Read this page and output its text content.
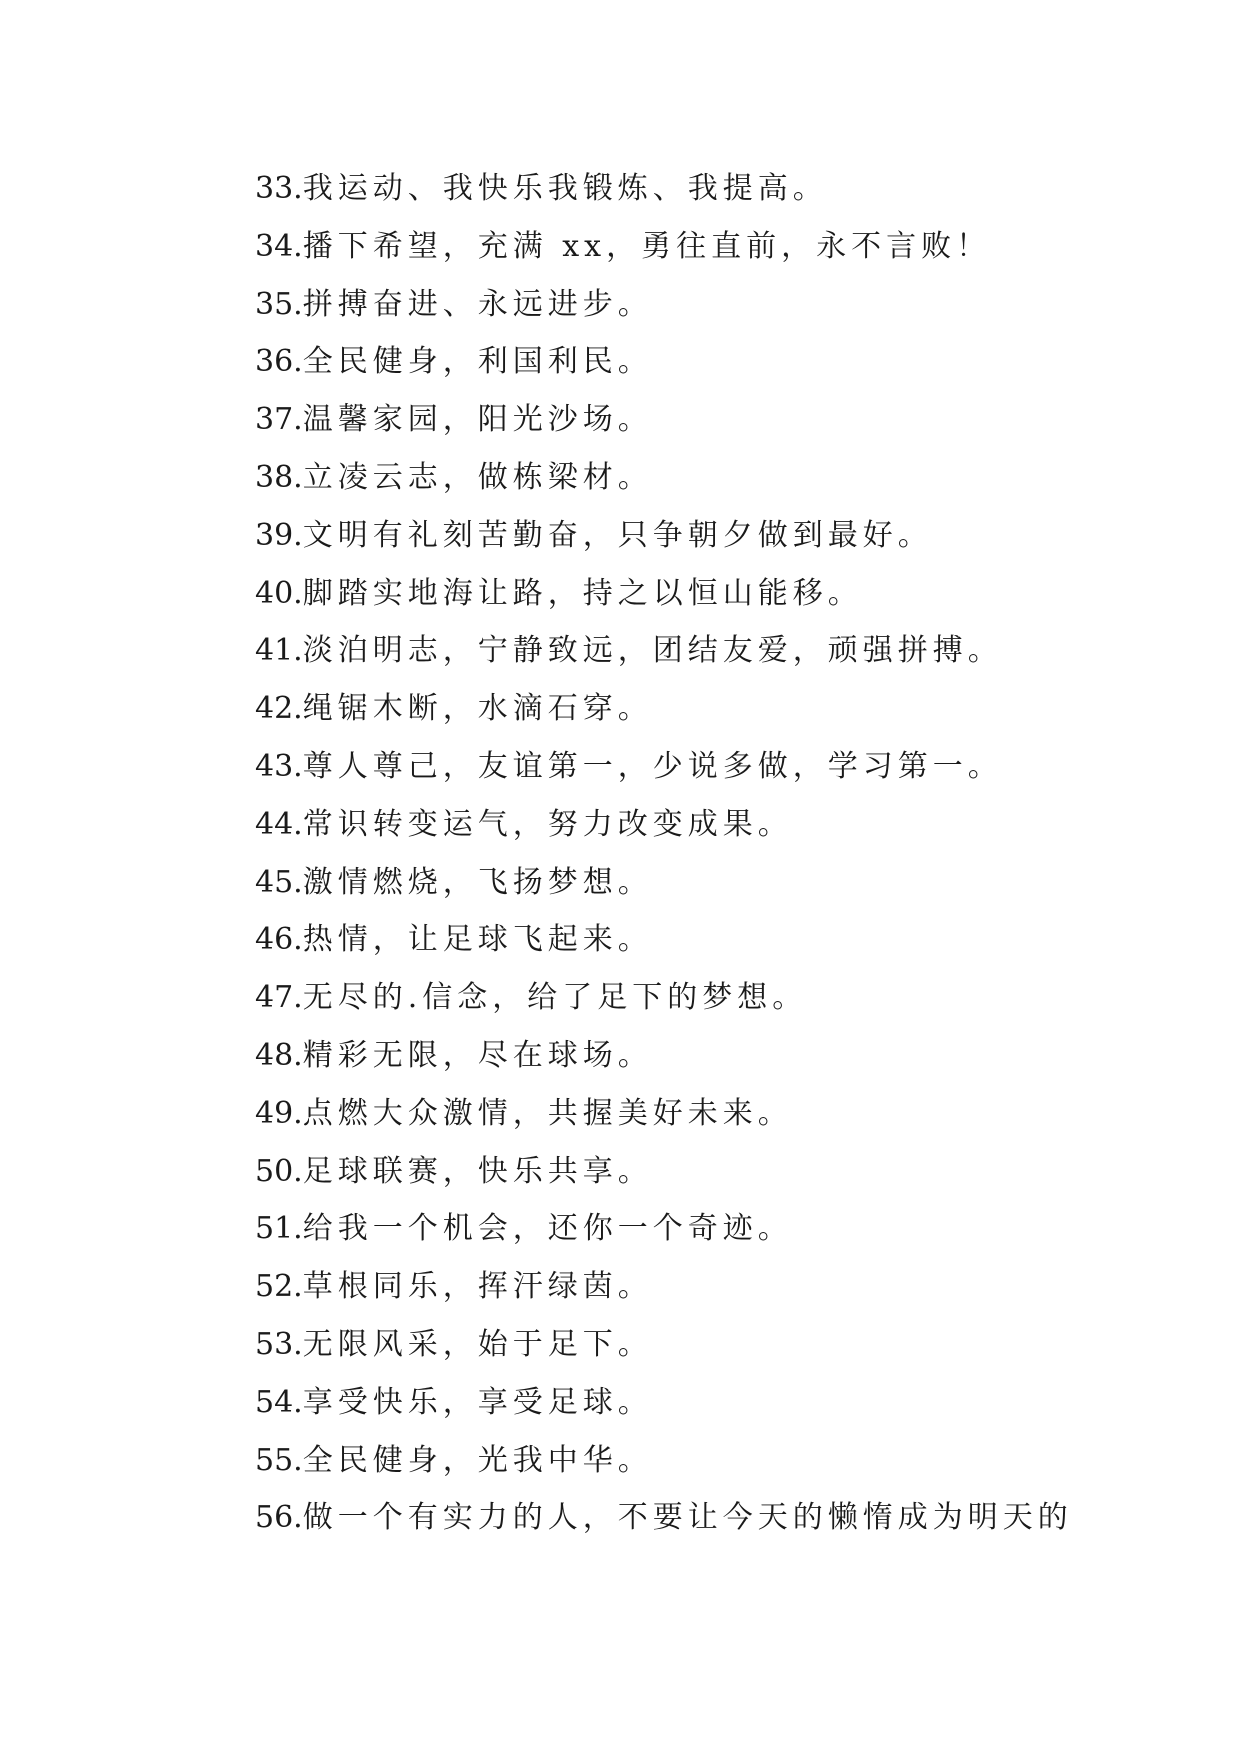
33.我运动、我快乐我锻炼、我提高。
34.播下希望，充满 xx，勇往直前，永不言败！
35.拼搏奋进、永远进步。
36.全民健身，利国利民。
37.温馨家园，阳光沙场。
38.立凌云志，做栋梁材。
39.文明有礼刻苦勤奋，只争朝夕做到最好。
40.脚踏实地海让路，持之以恒山能移。
41.淡泊明志，宁静致远，团结友爱，顽强拼搏。
42.绳锯木断，水滴石穿。
43.尊人尊己，友谊第一，少说多做，学习第一。
44.常识转变运气，努力改变成果。
45.激情燃烧，飞扬梦想。
46.热情，让足球飞起来。
47.无尽的.信念，给了足下的梦想。
48.精彩无限，尽在球场。
49.点燃大众激情，共握美好未来。
50.足球联赛，快乐共享。
51.给我一个机会，还你一个奇迹。
52.草根同乐，挥汗绿茵。
53.无限风采，始于足下。
54.享受快乐，享受足球。
55.全民健身，光我中华。
56.做一个有实力的人，不要让今天的懒惰成为明天的
